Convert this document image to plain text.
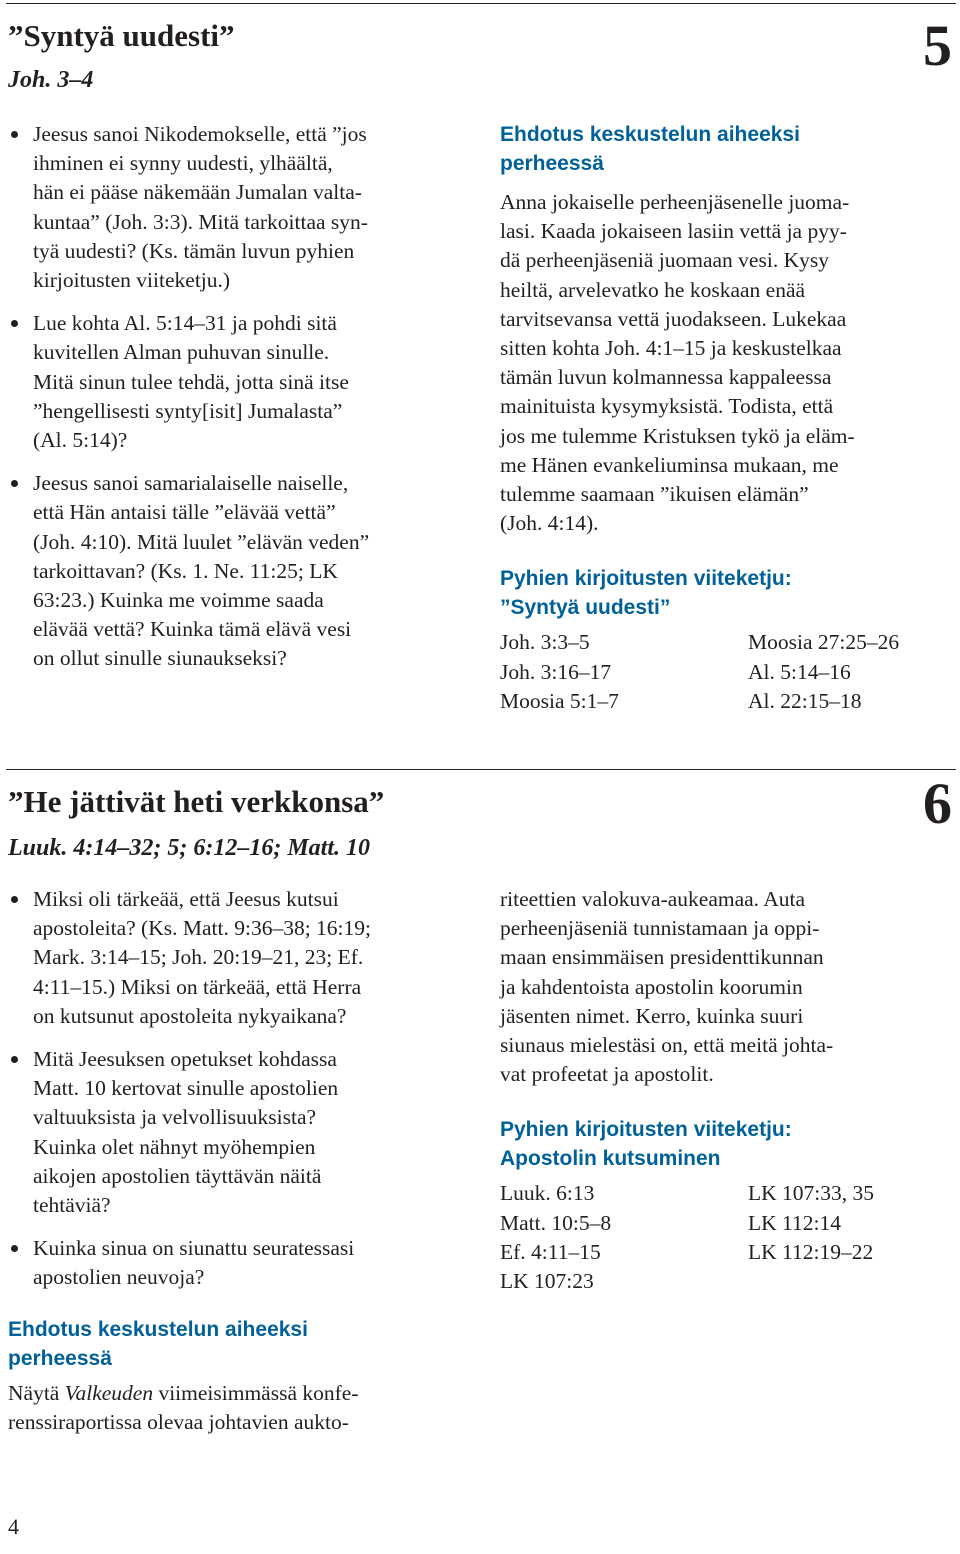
”Syntyä uudesti”
Joh. 3–4
5
Jeesus sanoi Nikodemokselle, että ”jos
ihminen ei synny uudesti, ylhäältä,
hän ei pääse näkemään Jumalan valta-
kuntaa” (Joh. 3:3). Mitä tarkoittaa syn-
tyä uudesti? (Ks. tämän luvun pyhien
kirjoitusten viiteketju.)
Lue kohta Al. 5:14–31 ja pohdi sitä
kuvitellen Alman puhuvan sinulle.
Mitä sinun tulee tehdä, jotta sinä itse
”hengellisesti synty[isit] Jumalasta”
(Al. 5:14)?
Jeesus sanoi samarialaiselle naiselle,
että Hän antaisi tälle ”elävää vettä”
(Joh. 4:10). Mitä luulet ”elävän veden”
tarkoittavan? (Ks. 1. Ne. 11:25; LK
63:23.) Kuinka me voimme saada
elävää vettä? Kuinka tämä elävä vesi
on ollut sinulle siunaukseksi?

Ehdotus keskustelun aiheeksi
perheessä

Anna jokaiselle perheenjäsenelle juoma-
lasi. Kaada jokaiseen lasiin vettä ja pyy-
dä perheenjäseniä juomaan vesi. Kysy
heiltä, arvelevatko he koskaan enää
tarvitsevansa vettä juodakseen. Lukekaa
sitten kohta Joh. 4:1–15 ja keskustelkaa
tämän luvun kolmannessa kappaleessa
mainituista kysymyksistä. Todista, että
jos me tulemme Kristuksen tykö ja eläm-
me Hänen evankeliuminsa mukaan, me
tulemme saamaan ”ikuisen elämän”
(Joh. 4:14).

Pyhien kirjoitusten viiteketju:
”Syntyä uudesti”

Joh. 3:3–5	Moosia 27:25–26
Joh. 3:16–17	Al. 5:14–16
Moosia 5:1–7	Al. 22:15–18
”He jättivät heti verkkonsa”
Luuk. 4:14–32; 5; 6:12–16; Matt. 10
6
Miksi oli tärkeää, että Jeesus kutsui
apostoleita? (Ks. Matt. 9:36–38; 16:19;
Mark. 3:14–15; Joh. 20:19–21, 23; Ef.
4:11–15.) Miksi on tärkeää, että Herra
on kutsunut apostoleita nykyaikana?
Mitä Jeesuksen opetukset kohdassa
Matt. 10 kertovat sinulle apostolien
valtuuksista ja velvollisuuksista?
Kuinka olet nähnyt myöhempien
aikojen apostolien täyttävän näitä
tehtäviä?
Kuinka sinua on siunattu seuratessasi
apostolien neuvoja?

Ehdotus keskustelun aiheeksi
perheessä

Näytä Valkeuden viimeisimmässä konfe-
renssiraportissa olevaa johtavien aukto-

riteettien valokuva-aukeamaa. Auta
perheenjäseniä tunnistamaan ja oppi-
maan ensimmäisen presidenttikunnan
ja kahdentoista apostolin koorumin
jäsenten nimet. Kerro, kuinka suuri
siunaus mielestäsi on, että meitä johta-
vat profeetat ja apostolit.

Pyhien kirjoitusten viiteketju:
Apostolin kutsuminen

Luuk. 6:13	LK 107:33, 35
Matt. 10:5–8	LK 112:14
Ef. 4:11–15	LK 112:19–22
LK 107:23
4
